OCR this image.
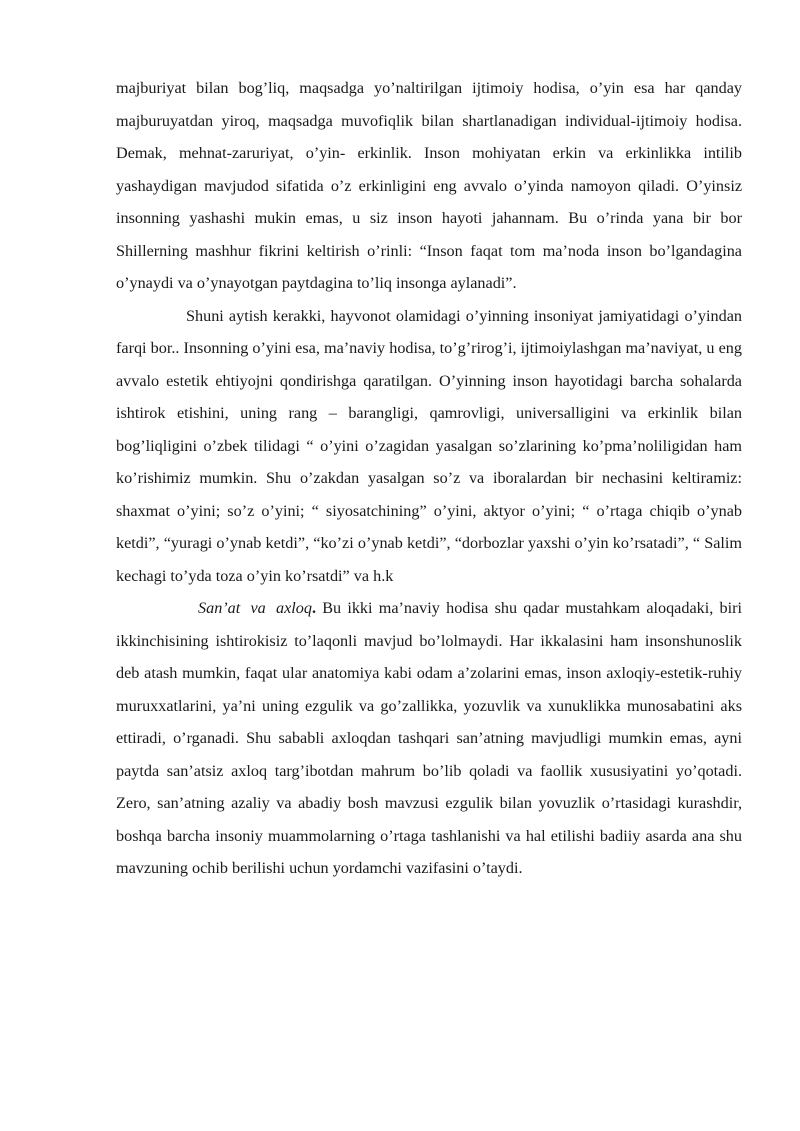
majburiyat bilan bog’liq, maqsadga yo’naltirilgan ijtimoiy hodisa, o’yin esa har qanday majburuyatdan yiroq, maqsadga muvofiqlik bilan shartlanadigan individual-ijtimoiy hodisa. Demak, mehnat-zaruriyat, o’yin- erkinlik. Inson mohiyatan erkin va erkinlikka intilib yashaydigan mavjudod sifatida o’z erkinligini eng avvalo o’yinda namoyon qiladi. O’yinsiz insonning yashashi mukin emas, u siz inson hayoti jahannam. Bu o’rinda yana bir bor Shillerning mashhur fikrini keltirish o’rinli: “Inson faqat tom ma’noda inson bo’lgandagina o’ynaydi va o’ynayotgan paytdagina to’liq insonga aylanadi”.

Shuni aytish kerakki, hayvonot olamidagi o’yinning insoniyat jamiyatidagi o’yindan farqi bor.. Insonning o’yini esa, ma’naviy hodisa, to’g’rirog’i, ijtimoiylashgan ma’naviyat, u eng avvalo estetik ehtiyojni qondirishga qaratilgan. O’yinning inson hayotidagi barcha sohalarda ishtirok etishini, uning rang – barangligi, qamrovligi, universalligini va erkinlik bilan bog’liqligini o’zbek tilidagi “ o’yini o’zagidan yasalgan so’zlarining ko’pma’noliligidan ham ko’rishimiz mumkin. Shu o’zakdan yasalgan so’z va iboralardan bir nechasini keltiramiz: shaxmat o’yini; so’z o’yini; “ siyosatchining” o’yini, aktyor o’yini; “ o’rtaga chiqib o’ynab ketdi”, “yuragi o’ynab ketdi”, “ko’zi o’ynab ketdi”, “dorbozlar yaxshi o’yin ko’rsatadi”, “ Salim kechagi to’yda toza o’yin ko’rsatdi” va h.k

San’at va axloq. Bu ikki ma’naviy hodisa shu qadar mustahkam aloqadaki, biri ikkinchisining ishtirokisiz to’laqonli mavjud bo’lolmaydi. Har ikkalasini ham insonshunoslik deb atash mumkin, faqat ular anatomiya kabi odam a’zolarini emas, inson axloqiy-estetik-ruhiy muruxxatlarini, ya’ni uning ezgulik va go’zallikka, yozuvlik va xunuklikka munosabatini aks ettiradi, o’rganadi. Shu sababli axloqdan tashqari san’atning mavjudligi mumkin emas, ayni paytda san’atsiz axloq targ’ibotdan mahrum bo’lib qoladi va faollik xususiyatini yo’qotadi. Zero, san’atning azaliy va abadiy bosh mavzusi ezgulik bilan yovuzlik o’rtasidagi kurashdir, boshqa barcha insoniy muammolarning o’rtaga tashlanishi va hal etilishi badiiy asarda ana shu mavzuning ochib berilishi uchun yordamchi vazifasini o’taydi.
